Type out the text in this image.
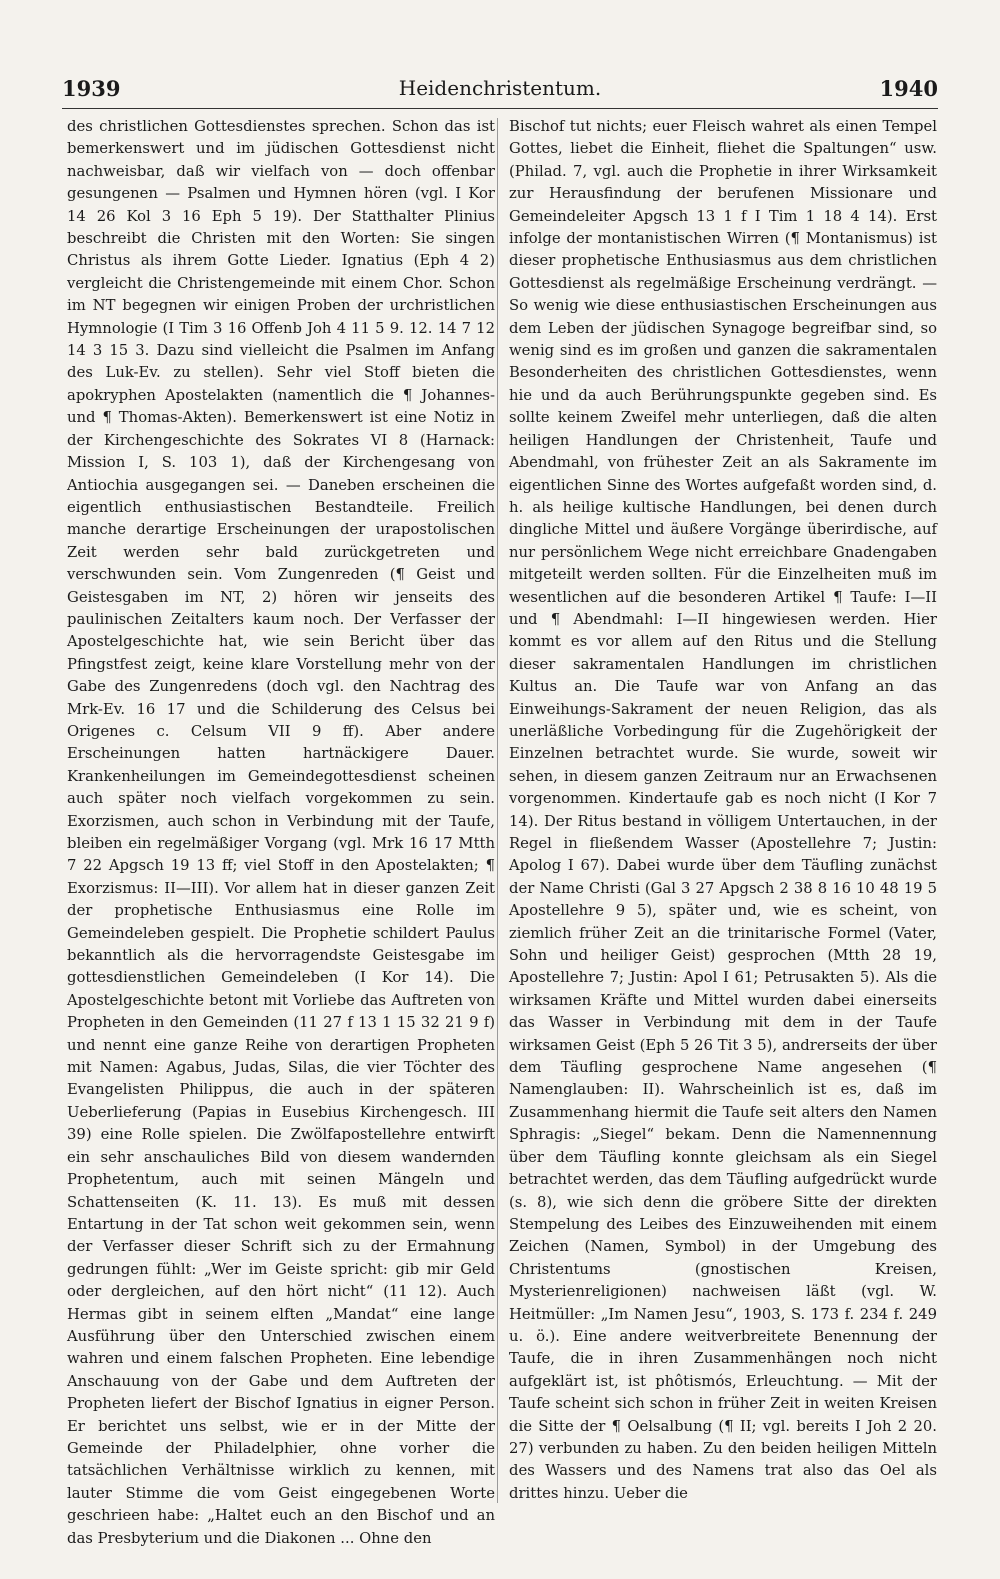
1939	Heidenchristentum.	1940

des christlichen Gottesdienstes sprechen. Schon das ist bemerkenswert und im jüdischen Gottesdienst nicht nachweisbar, daß wir vielfach von — doch offenbar gesungenen — Psalmen und Hymnen hören (vgl. I Kor 14 26 Kol 3 16 Eph 5 19). Der Statthalter Plinius beschreibt die Christen mit den Worten: Sie singen Christus als ihrem Gotte Lieder. Ignatius (Eph 4 2) vergleicht die Christengemeinde mit einem Chor. Schon im NT begegnen wir einigen Proben der urchristlichen Hymnologie (I Tim 3 16 Offenb Joh 4 11 5 9. 12. 14 7 12 14 3 15 3. Dazu sind vielleicht die Psalmen im Anfang des Luk-Ev. zu stellen). Sehr viel Stoff bieten die apokryphen Apostelakten (namentlich die ¶ Johannes- und ¶ Thomas-Akten). Bemerkenswert ist eine Notiz in der Kirchengeschichte des Sokrates VI 8 (Harnack: Mission I, S. 103 1), daß der Kirchengesang von Antiochia ausgegangen sei. — Daneben erscheinen die eigentlich enthusiastischen Bestandteile. Freilich manche derartige Erscheinungen der urapostolischen Zeit werden sehr bald zurückgetreten und verschwunden sein. Vom Zungenreden (¶ Geist und Geistesgaben im NT, 2) hören wir jenseits des paulinischen Zeitalters kaum noch. Der Verfasser der Apostelgeschichte hat, wie sein Bericht über das Pfingstfest zeigt, keine klare Vorstellung mehr von der Gabe des Zungenredens (doch vgl. den Nachtrag des Mrk-Ev. 16 17 und die Schilderung des Celsus bei Origenes c. Celsum VII 9 ff). Aber andere Erscheinungen hatten hartnäckigere Dauer. Krankenheilungen im Gemeindegottesdienst scheinen auch später noch vielfach vorgekommen zu sein. Exorzismen, auch schon in Verbindung mit der Taufe, bleiben ein regelmäßiger Vorgang (vgl. Mrk 16 17 Mtth 7 22 Apgsch 19 13 ff; viel Stoff in den Apostelakten; ¶ Exorzismus: II—III). Vor allem hat in dieser ganzen Zeit der prophetische Enthusiasmus eine Rolle im Gemeindeleben gespielt. Die Prophetie schildert Paulus bekanntlich als die hervorragendste Geistesgabe im gottesdienstlichen Gemeindeleben (I Kor 14). Die Apostelgeschichte betont mit Vorliebe das Auftreten von Propheten in den Gemeinden (11 27 f 13 1 15 32 21 9 f) und nennt eine ganze Reihe von derartigen Propheten mit Namen: Agabus, Judas, Silas, die vier Töchter des Evangelisten Philippus, die auch in der späteren Ueberlieferung (Papias in Eusebius Kirchengesch. III 39) eine Rolle spielen. Die Zwölfapostellehre entwirft ein sehr anschauliches Bild von diesem wandernden Prophetentum, auch mit seinen Mängeln und Schattenseiten (K. 11. 13). Es muß mit dessen Entartung in der Tat schon weit gekommen sein, wenn der Verfasser dieser Schrift sich zu der Ermahnung gedrungen fühlt: „Wer im Geiste spricht: gib mir Geld oder dergleichen, auf den hört nicht“ (11 12). Auch Hermas gibt in seinem elften „Mandat“ eine lange Ausführung über den Unterschied zwischen einem wahren und einem falschen Propheten. Eine lebendige Anschauung von der Gabe und dem Auftreten der Propheten liefert der Bischof Ignatius in eigner Person. Er berichtet uns selbst, wie er in der Mitte der Gemeinde der Philadelphier, ohne vorher die tatsächlichen Verhältnisse wirklich zu kennen, mit lauter Stimme die vom Geist eingegebenen Worte geschrieen habe: „Haltet euch an den Bischof und an das Presbyterium und die Diakonen ... Ohne den

Bischof tut nichts; euer Fleisch wahret als einen Tempel Gottes, liebet die Einheit, fliehet die Spaltungen“ usw. (Philad. 7, vgl. auch die Prophetie in ihrer Wirksamkeit zur Herausfindung der berufenen Missionare und Gemeindeleiter Apgsch 13 1 f I Tim 1 18 4 14). Erst infolge der montanistischen Wirren (¶ Montanismus) ist dieser prophetische Enthusiasmus aus dem christlichen Gottesdienst als regelmäßige Erscheinung verdrängt. — So wenig wie diese enthusiastischen Erscheinungen aus dem Leben der jüdischen Synagoge begreifbar sind, so wenig sind es im großen und ganzen die sakramentalen Besonderheiten des christlichen Gottesdienstes, wenn hie und da auch Berührungspunkte gegeben sind. Es sollte keinem Zweifel mehr unterliegen, daß die alten heiligen Handlungen der Christenheit, Taufe und Abendmahl, von frühester Zeit an als Sakramente im eigentlichen Sinne des Wortes aufgefaßt worden sind, d. h. als heilige kultische Handlungen, bei denen durch dingliche Mittel und äußere Vorgänge überirdische, auf nur persönlichem Wege nicht erreichbare Gnadengaben mitgeteilt werden sollten. Für die Einzelheiten muß im wesentlichen auf die besonderen Artikel ¶ Taufe: I—II und ¶ Abendmahl: I—II hingewiesen werden. Hier kommt es vor allem auf den Ritus und die Stellung dieser sakramentalen Handlungen im christlichen Kultus an. Die Taufe war von Anfang an das Einweihungs-Sakrament der neuen Religion, das als unerläßliche Vorbedingung für die Zugehörigkeit der Einzelnen betrachtet wurde. Sie wurde, soweit wir sehen, in diesem ganzen Zeitraum nur an Erwachsenen vorgenommen. Kindertaufe gab es noch nicht (I Kor 7 14). Der Ritus bestand in völligem Untertauchen, in der Regel in fließendem Wasser (Apostellehre 7; Justin: Apolog I 67). Dabei wurde über dem Täufling zunächst der Name Christi (Gal 3 27 Apgsch 2 38 8 16 10 48 19 5 Apostellehre 9 5), später und, wie es scheint, von ziemlich früher Zeit an die trinitarische Formel (Vater, Sohn und heiliger Geist) gesprochen (Mtth 28 19, Apostellehre 7; Justin: Apol I 61; Petrusakten 5). Als die wirksamen Kräfte und Mittel wurden dabei einerseits das Wasser in Verbindung mit dem in der Taufe wirksamen Geist (Eph 5 26 Tit 3 5), andrerseits der über dem Täufling gesprochene Name angesehen (¶ Namenglauben: II). Wahrscheinlich ist es, daß im Zusammenhang hiermit die Taufe seit alters den Namen Sphragis: „Siegel“ bekam. Denn die Namennennung über dem Täufling konnte gleichsam als ein Siegel betrachtet werden, das dem Täufling aufgedrückt wurde (s. 8), wie sich denn die gröbere Sitte der direkten Stempelung des Leibes des Einzuweihenden mit einem Zeichen (Namen, Symbol) in der Umgebung des Christentums (gnostischen Kreisen, Mysterienreligionen) nachweisen läßt (vgl. W. Heitmüller: „Im Namen Jesu“, 1903, S. 173 f. 234 f. 249 u. ö.). Eine andere weitverbreitete Benennung der Taufe, die in ihren Zusammenhängen noch nicht aufgeklärt ist, ist phôtismós, Erleuchtung. — Mit der Taufe scheint sich schon in früher Zeit in weiten Kreisen die Sitte der ¶ Oelsalbung (¶ II; vgl. bereits I Joh 2 20. 27) verbunden zu haben. Zu den beiden heiligen Mitteln des Wassers und des Namens trat also das Oel als drittes hinzu. Ueber die
